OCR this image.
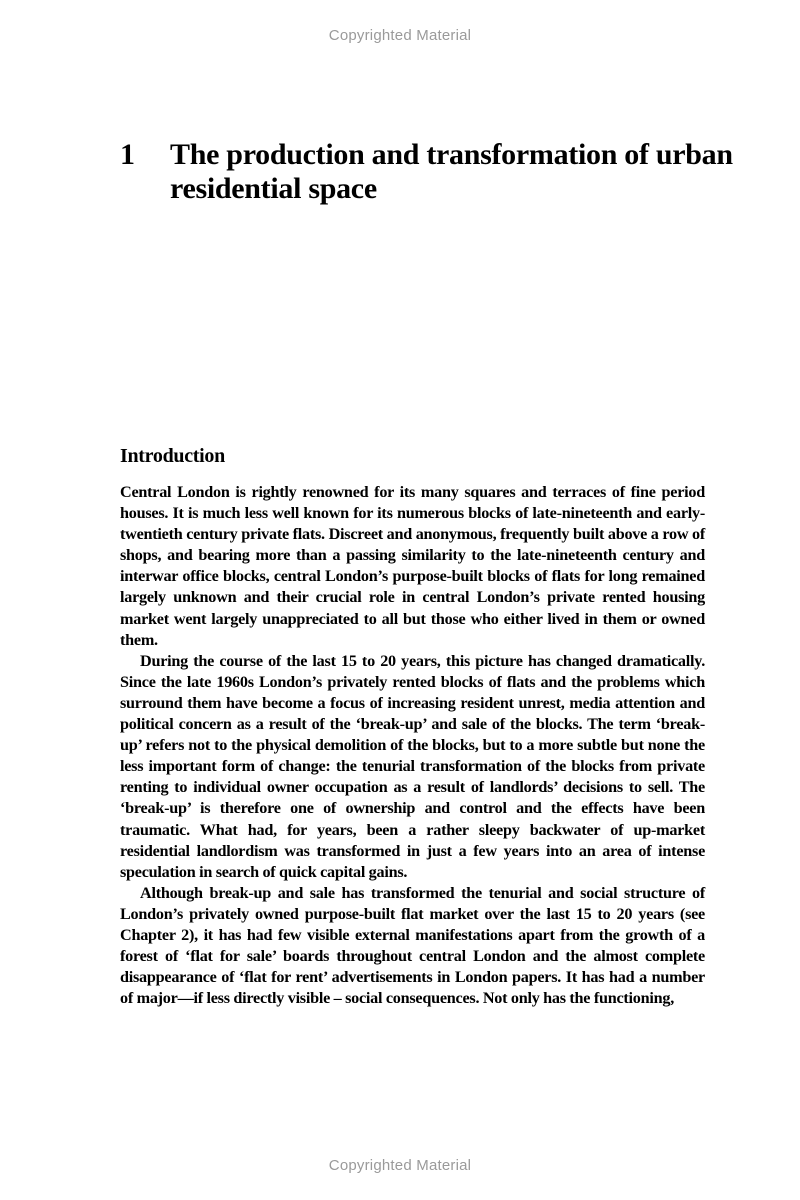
Copyrighted Material
1	The production and transformation of urban residential space
Introduction

Central London is rightly renowned for its many squares and terraces of fine period houses. It is much less well known for its numerous blocks of late-nineteenth and early-twentieth century private flats. Discreet and anonymous, frequently built above a row of shops, and bearing more than a passing similarity to the late-nineteenth century and interwar office blocks, central London’s purpose-built blocks of flats for long remained largely unknown and their crucial role in central London’s private rented housing market went largely unappreciated to all but those who either lived in them or owned them.

During the course of the last 15 to 20 years, this picture has changed dramatically. Since the late 1960s London’s privately rented blocks of flats and the problems which surround them have become a focus of increasing resident unrest, media attention and political concern as a result of the ‘break-up’ and sale of the blocks. The term ‘break-up’ refers not to the physical demolition of the blocks, but to a more subtle but none the less important form of change: the tenurial transformation of the blocks from private renting to individual owner occupation as a result of landlords’ decisions to sell. The ‘break-up’ is therefore one of ownership and control and the effects have been traumatic. What had, for years, been a rather sleepy backwater of up-market residential landlordism was transformed in just a few years into an area of intense speculation in search of quick capital gains.

Although break-up and sale has transformed the tenurial and social structure of London’s privately owned purpose-built flat market over the last 15 to 20 years (see Chapter 2), it has had few visible external manifestations apart from the growth of a forest of ‘flat for sale’ boards throughout central London and the almost complete disappearance of ‘flat for rent’ advertisements in London papers. It has had a number of major—if less directly visible – social consequences. Not only has the functioning,

Copyrighted Material
